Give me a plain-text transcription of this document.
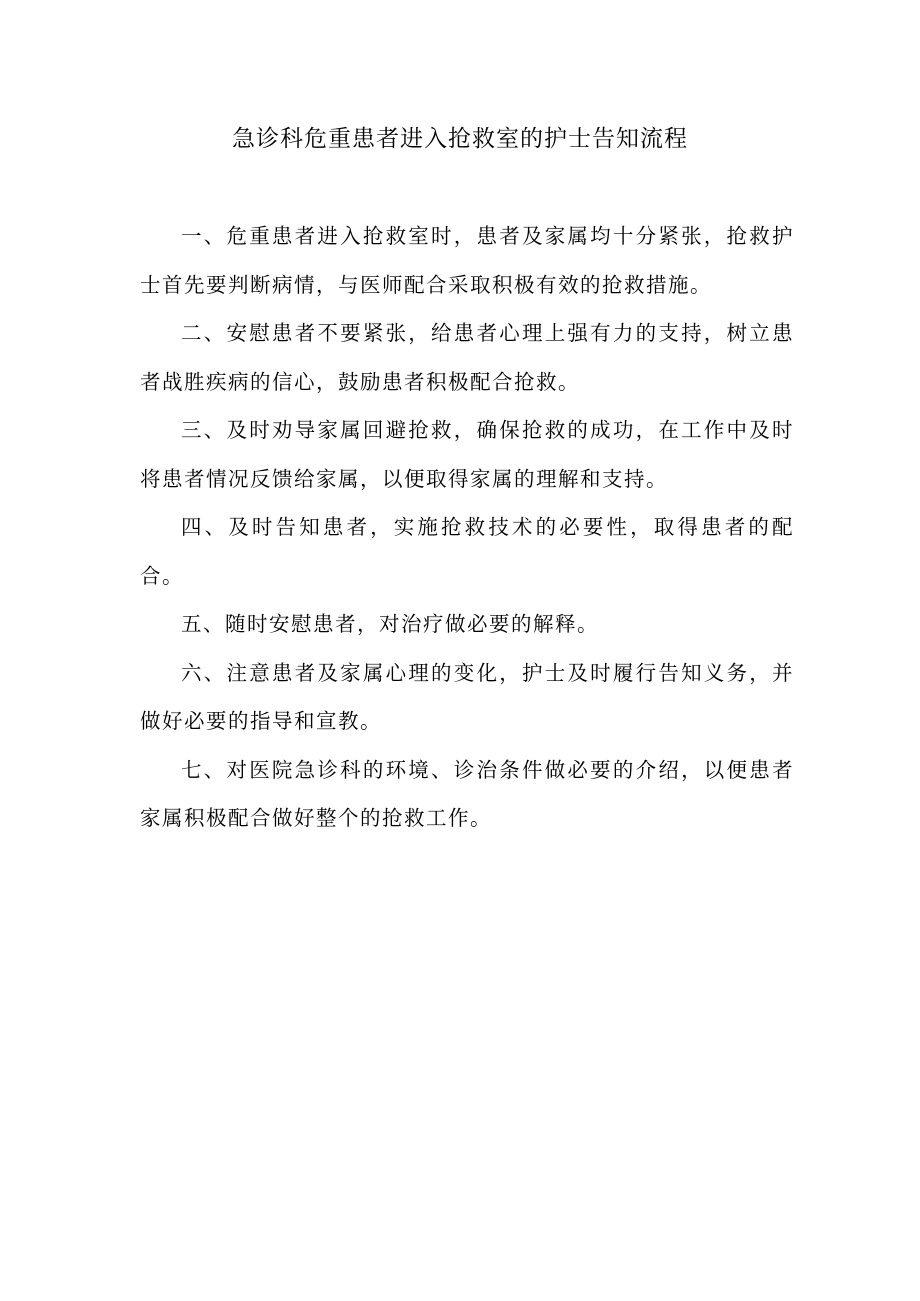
急诊科危重患者进入抢救室的护士告知流程

一、危重患者进入抢救室时，患者及家属均十分紧张，抢救护士首先要判断病情，与医师配合采取积极有效的抢救措施。

二、安慰患者不要紧张，给患者心理上强有力的支持，树立患者战胜疾病的信心，鼓励患者积极配合抢救。

三、及时劝导家属回避抢救，确保抢救的成功，在工作中及时将患者情况反馈给家属，以便取得家属的理解和支持。

四、及时告知患者，实施抢救技术的必要性，取得患者的配合。

五、随时安慰患者，对治疗做必要的解释。

六、注意患者及家属心理的变化，护士及时履行告知义务，并做好必要的指导和宣教。

七、对医院急诊科的环境、诊治条件做必要的介绍，以便患者家属积极配合做好整个的抢救工作。
